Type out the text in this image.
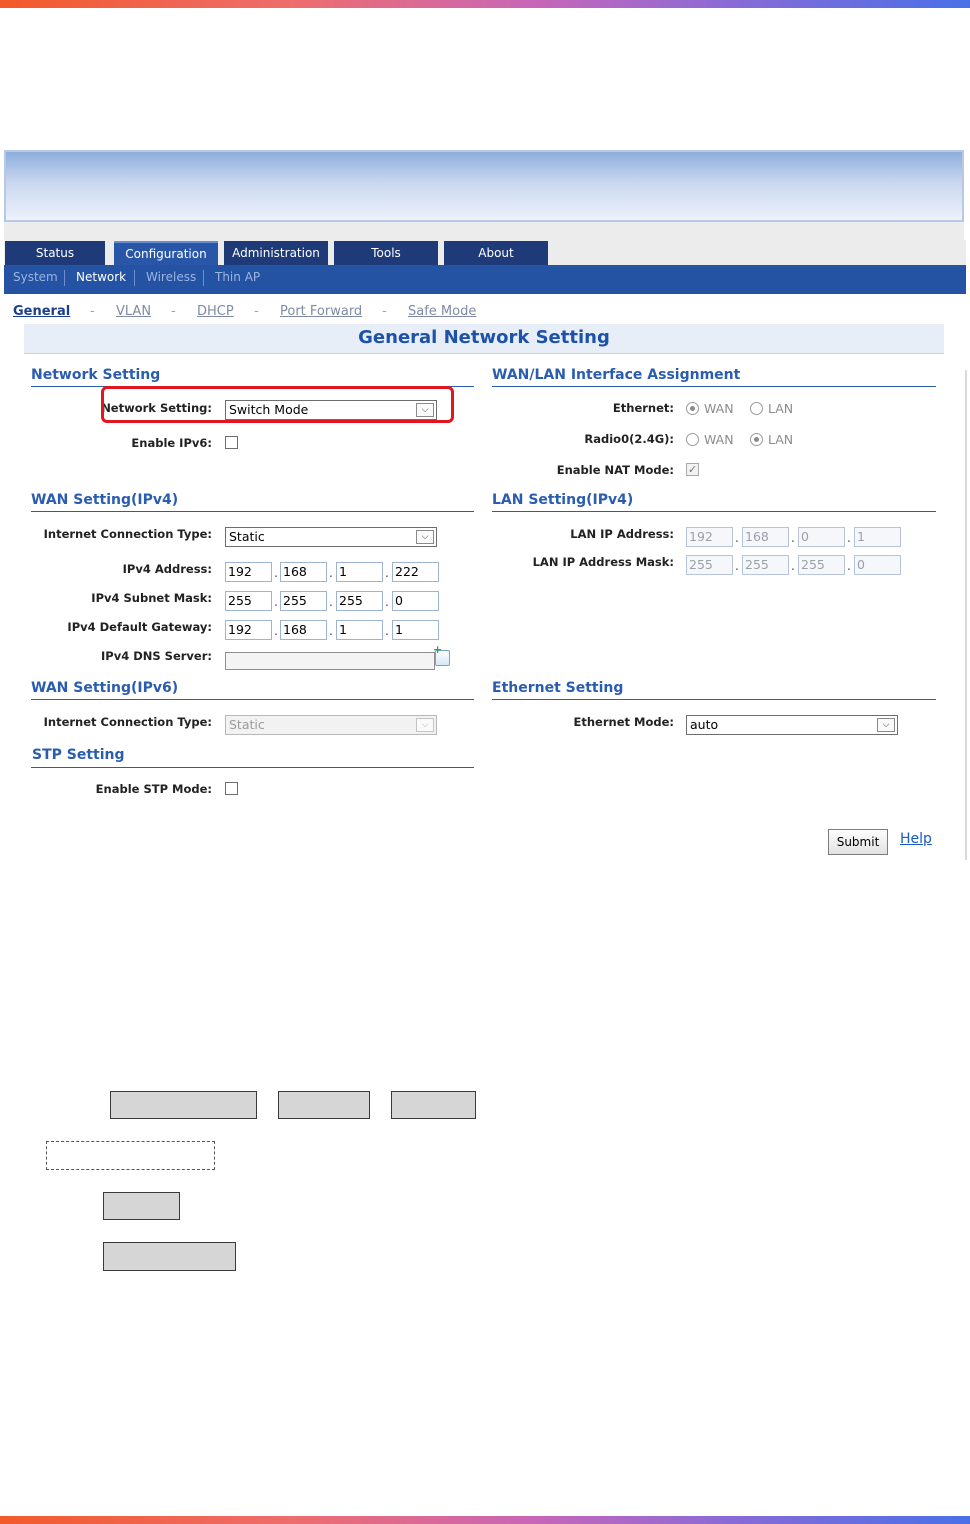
Status	Configuration	Administration	Tools	About
System Network Wireless Thin AP
General - VLAN - DHCP - Port Forward - Safe Mode
General Network Setting
Network Setting
Network Setting:	Switch Mode	⌵
Enable IPv6:
WAN Setting(IPv4)
Internet Connection Type:	Static	⌵
IPv4 Address: 192	. 168	. 1	. 222
IPv4 Subnet Mask: 255	. 255	. 255	. 0
IPv4 Default Gateway: 192	. 168	. 1	. 1
IPv4 DNS Server:
+
WAN Setting(IPv6)
Internet Connection Type:	Static	⌵
STP Setting
Enable STP Mode:
WAN/LAN Interface Assignment
Ethernet: WAN	LAN
Radio0(2.4G): WAN	LAN
Enable NAT Mode: ✓
LAN Setting(IPv4)
LAN IP Address: 192	. 168	. 0	. 1
LAN IP Address Mask: 255	. 255	. 255	. 0
Ethernet Setting
Ethernet Mode:	auto	⌵
Submit	Help
